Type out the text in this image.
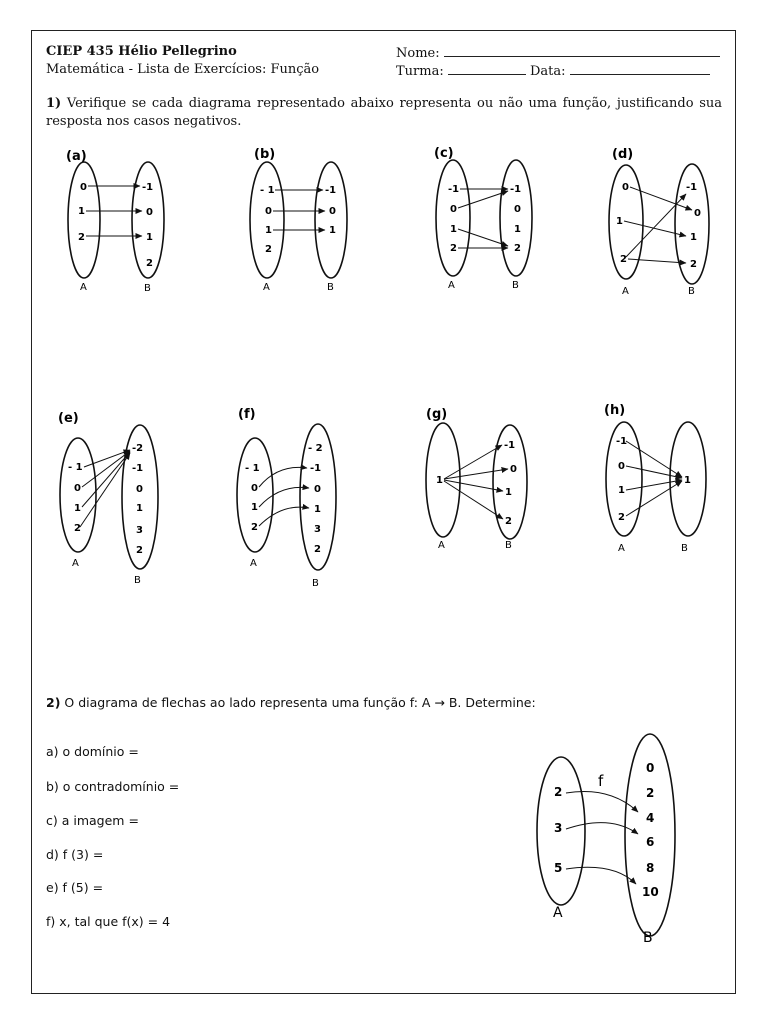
CIEP 435 Hélio Pellegrino
Matemática - Lista de Exercícios: Função
Nome:
Turma:	Data:
1) Verifique se cada diagrama representado abaixo representa ou não uma função, justificando sua resposta nos casos negativos.
(a)
0
1
2
-1
0
1
2
A	B
(b)
- 1
0
1
2
-1
0
1
A	B
(c)
-1
0
1
2
-1
0
1
2
A	B
(d)
0
1
2
-1
0
1
2
A	B
(e)
- 1
0
1
2
-2
-1
0
1
3
2
A
B
(f)
- 1
0
1
2
- 2
-1
0
1
3
2
A
B
(g)
1
-1
0
1
2
A	B
(h)
-1
0
1
2
1
A	B
f
2
3
5
0
2
4
6
8
10
A
B
2) O diagrama de flechas ao lado representa uma função f: A → B. Determine:
a) o domínio =
b) o contradomínio =
c) a imagem =
d) f (3) =
e) f (5) =
f) x, tal que f(x) = 4
